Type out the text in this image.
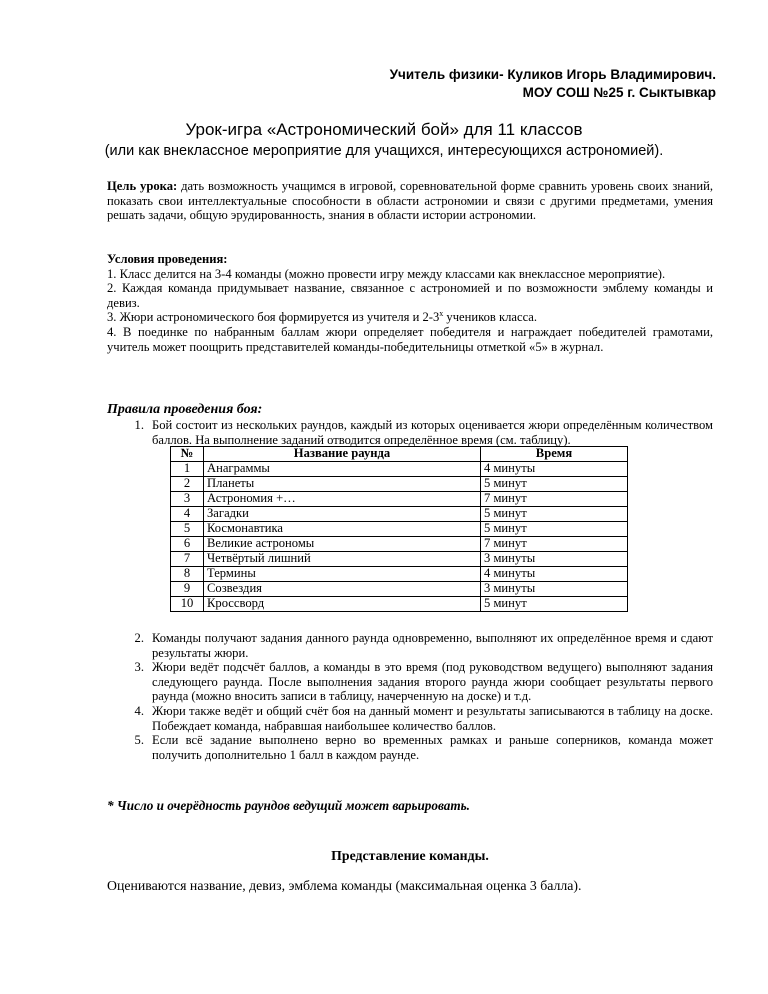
Учитель физики- Куликов Игорь Владимирович.
МОУ СОШ №25 г. Сыктывкар
Урок-игра «Астрономический бой» для 11 классов
(или как внеклассное мероприятие для учащихся, интересующихся астрономией).
Цель урока: дать возможность учащимся в игровой, соревновательной форме сравнить уровень своих знаний, показать свои интеллектуальные способности в области астрономии и связи с другими предметами, умения решать задачи, общую эрудированность, знания в области истории астрономии.
Условия проведения:
1. Класс делится на 3-4 команды (можно провести игру между классами как внеклассное мероприятие).
2. Каждая команда придумывает название, связанное с астрономией и по возможности эмблему команды и девиз.
3. Жюри астрономического боя формируется из учителя и $2-3^х$ учеников класса.
4. В поединке по набранным баллам жюри определяет победителя и награждает победителей грамотами, учитель может поощрить представителей команды-победительницы отметкой «5» в журнал.
Правила проведения боя:
1. Бой состоит из нескольких раундов, каждый из которых оценивается жюри определённым количеством баллов. На выполнение заданий отводится определённое время (см. таблицу).
№	Название раунда	Время
1	Анаграммы	4 минуты
2	Планеты	5 минут
3	Астрономия +…	7 минут
4	Загадки	5 минут
5	Космонавтика	5 минут
6	Великие астрономы	7 минут
7	Четвёртый лишний	3 минуты
8	Термины	4 минуты
9	Созвездия	3 минуты
10	Кроссворд	5 минут
2. Команды получают задания данного раунда одновременно, выполняют их определённое время и сдают результаты жюри.
3. Жюри ведёт подсчёт баллов, а команды в это время (под руководством ведущего) выполняют задания следующего раунда. После выполнения задания второго раунда жюри сообщает результаты первого раунда (можно вносить записи в таблицу, начерченную на доске) и т.д.
4. Жюри также ведёт и общий счёт боя на данный момент и результаты записываются в таблицу на доске. Побеждает команда, набравшая наибольшее количество баллов.
5. Если всё задание выполнено верно во временных рамках и раньше соперников, команда может получить дополнительно 1 балл в каждом раунде.
* Число и очерёдность раундов ведущий может варьировать.
Представление команды.
Оцениваются название, девиз, эмблема команды (максимальная оценка 3 балла).
